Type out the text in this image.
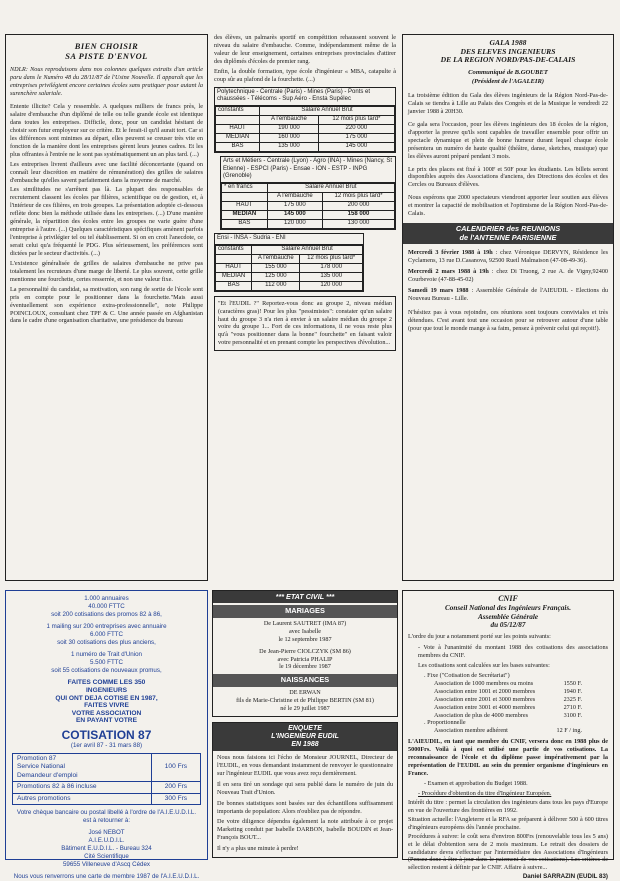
BIEN CHOISIR
SA PISTE D'ENVOL

NDLR: Nous reproduisons dans nos colonnes quelques extraits d'un article paru dans le Numéro 48 du 28/11/87 de l'Usine Nouvelle. Il apparaît que les entreprises privilégient encore certaines écoles sans pratiquer pour autant la surenchère salariale.

Entente illicite? Cela y ressemble. A quelques milliers de francs près, le salaire d'embauche d'un diplômé de telle ou telle grande école est identique dans toutes les entreprises. Difficile, donc, pour un candidat hésitant de choisir son futur employeur sur ce critère. Et le ferait-il qu'il aurait tort. Car si les différences sont minimes au départ, elles peuvent se creuser très vite en fonction de la manière dont les entreprises gèrent leurs jeunes cadres. Et les plus offrantes à l'entrée ne le sont pas systématiquement un an plus tard. (...)

Les entreprises livrent d'ailleurs avec une facilité déconcertante (quand on connaît leur discrétion en matière de rémunération) des grilles de salaires d'embauche qu'elles savent parfaitement dans la moyenne de marché.

Les similitudes ne s'arrêtent pas là. La plupart des responsables de recrutement classent les écoles par filières, scientifique ou de gestion, et, à l'intérieur de ces filières, en trois groupes. La présentation adoptée ci-dessous reflète donc bien la méthode utilisée dans les entreprises. (...) D'une manière générale, la répartition des écoles entre les groupes ne varie guère d'une entreprise à l'autre. (...) Quelques caractéristiques spécifiques amènent parfois l'entreprise à privilégier tel ou tel établissement. Si on en croit l'anecdote, ce serait celui qu'a fréquenté le PDG. Plus sérieusement, les préférences sont dictées par le secteur d'activités. (...)

L'existence généralisée de grilles de salaires d'embauche ne prive pas totalement les recruteurs d'une marge de liberté. Le plus souvent, cette grille mentionne une fourchette, certes resserrée, et non une valeur fixe.

La personnalité du candidat, sa motivation, son rang de sortie de l'école sont pris en compte pour le positionner dans la fourchette."Mais aussi éventuellement son expérience extra-professionnelle", note Philippe POINCLOUX, consultant chez TPF & C. Une année passée en Afghanistan dans le cadre d'une organisation charitative, une présidence du bureau

des élèves, un palmarès sportif en compétition rehaussent souvent le niveau du salaire d'embauche. Comme, indépendamment même de la valeur de leur enseignement, certaines entreprises provinciales d'attirer des diplômés d'écoles de premier rang.

Enfin, la double formation, type école d'ingénieur « MBA, catapulte à coup sûr au plafond de la fourchette. (...)

Polytechnique - Centrale (Paris) - Mines (Paris) - Ponts et chaussées - Télécoms - Sup Aéro - Ensta Supélec
constants	Salaire Annuel Brut	
	A l'embauche	12 mois plus tard*
HAUT	190 000	220 000
MEDIAN	160 000	175 000
BAS	135 000	145 000
Arts et Métiers - Centrale (Lyon) - Agro (INA) - Mines (Nancy, St Etienne) - ESPCI (Paris) - Ensae - ION - ESTP - INPG (Grenoble)
* en francs	Salaire Annuel Brut	
	A l'embauche	12 mois plus tard*
HAUT	175 000	200 000
MEDIAN	145 000	158 000
BAS	120 000	130 000
Ensi - INSA - Sudria - ENI
constants	Salaire Annuel Brut	
	A l'embauche	12 mois plus tard*
HAUT	155 000	178 000
MEDIAN	125 000	135 000
BAS	112 000	120 000

"Et l'EUDIL ?" Reportez-vous donc au groupe 2, niveau médian (caractères gras)! Pour les plus "pessimistes": constater qu'un salaire haut du groupe 3 n'a rien à envier à un salaire médian du groupe 2 voire du groupe 1... Fort de ces informations, il ne vous reste plus qu'à "vous positionner dans la bonne" fourchette" en faisant valoir votre personnalité et en prenant compte les perspectives d'évolution...

GALA 1988
DES ELEVES INGENIEURS
DE LA REGION NORD/PAS-DE-CALAIS
Communiqué de B.GOUBET
(Président de l'AGALEIR)

La troisième édition du Gala des élèves ingénieurs de la Région Nord-Pas-de-Calais se tiendra à Lille au Palais des Congrès et de la Musique le vendredi 22 janvier 1988 à 20H30.

Ce gala sera l'occasion, pour les élèves ingénieurs des 18 écoles de la région, d'apporter la preuve qu'ils sont capables de travailler ensemble pour offrir un spectacle dynamique et plein de bonne humeur durant lequel chaque école présentera un numéro de haute qualité (théâtre, danse, sketches, musique) que les élèves auront préparé pendant 3 mois.

Le prix des places est fixé à 100F et 50F pour les étudiants. Les billets seront disponibles auprès des Associations d'anciens, des Directions des écoles et des Cercles ou Bureaux d'élèves.

Nous espérons que 2000 spectateurs viendront apporter leur soutien aux élèves et montrer la capacité de mobilisation et l'optimisme de la Région Nord-Pas-de-Calais.

CALENDRIER des REUNIONS
de l'ANTENNE PARISIENNE

Mercredi 3 février 1988 à 19h : chez Véronique DERVYN, Résidence les Cyclamens, 13 rue D.Casanova, 92500 Rueil Malmaison (47-08-49-36).

Mercredi 2 mars 1988 à 19h : chez Di Truong, 2 rue A. de Vigny,92400 Courbevoie (47-88-45-02)

Samedi 19 mars 1988 : Assemblée Générale de l'AIEUDIL - Elections du Nouveau Bureau - Lille.

N'hésitez pas à vous rejoindre, ces réunions sont toujours conviviales et très détendues. C'est avant tout une occasion pour se retrouver autour d'une table (pour que tout le monde mange à sa faim, pensez à prévenir celui qui reçoit!).

1.000 annuaires
40.000 FTTC
soit 200 cotisations des promos 82 à 86,
1 mailing sur 200 entreprises avec annuaire
6.000 FTTC
soit 30 cotisations des plus anciens,
1 numéro de Trait d'Union
5.500 FTTC
soit 55 cotisations de nouveaux promus,
FAITES COMME LES 350
INGENIEURS
QUI ONT DEJA COTISE EN 1987,
FAITES VIVRE
VOTRE ASSOCIATION
EN PAYANT VOTRE
COTISATION 87
(1er avril 87 - 31 mars 88)
Promotion 87
Service National
Demandeur d'emploi	100 Frs
Promotions 82 à 86 incluse	200 Frs
Autres promotions	300 Frs
Votre chèque bancaire ou postal libellé à l'ordre de l'A.I.E.U.D.I.L. est à retourner à:
José NEBOT
A.I.E.U.D.I.L.
Bâtiment E.U.D.I.L. - Bureau 324
Cité Scientifique
59655 Villeneuve d'Ascq Cédex
Nous vous renverrons une carte de membre 1987 de l'A.I.E.U.D.I.L.
*** ETAT CIVIL ***
MARIAGES
De Laurent SAUTRET (IMA 87)
avec Isabelle
le 12 septembre 1987
De Jean-Pierre CIOLCZYK (SM 86)
avec Patricia PHALIP
le 19 décembre 1987
NAISSANCES
DE ERWAN
fils de Marie-Christine et de Philippe BERTIN (SM 81)
né le 29 juillet 1987
ENQUETE
L'INGENIEUR EUDIL
EN 1988

Nous nous faisions ici l'écho de Monsieur JOURNEL, Directeur de l'EUDIL, en vous demandant instamment de renvoyer le questionnaire sur l'ingénieur EUDIL que vous avez reçu dernièrement.

Il en sera tiré un sondage qui sera publié dans le numéro de juin du Nouveau Trait d'Union.

De bonnes statistiques sont basées sur des échantillons suffisamment importants de population: Alors n'oubliez pas de répondre.

De votre diligence dépendra également la note attribuée à ce projet Marketing conduit par Isabelle DARBON, Isabelle BOUDIN et Jean-François BOUT...

Il n'y a plus une minute à perdre!

CNIF
Conseil National des Ingénieurs Français.
Assemblée Générale
du 05/12/87

L'ordre du jour a notamment porté sur les points suivants:

- Vote à l'unanimité du montant 1988 des cotisations des associations membres du CNIF.

Les cotisations sont calculées sur les bases suivantes:

. Fixe ("Cotisation de Secrétariat")

Association de 1000 membres ou moins	1550 F.
Association entre 1001 et 2000 membres	1940 F.
Association entre 2001 et 3000 membres	2325 F.
Association entre 3001 et 4000 membres	2710 F.
Association de plus de 4000 membres	3100 F.

. Proportionnelle

Association membre adhérent	12 F / ing.

L'AIEUDIL, en tant que membre du CNIF, versera donc en 1988 plus de 5000Frs. Voilà à quoi est utilisé une partie de vos cotisations. La reconnaissance de l'école et du diplôme passe impérativement par la représentation de l'EUDIL au sein du premier organisme d'ingénieurs en France.

- Examen et approbation du Budget 1988.

- Procédure d'obtention du titre d'Ingénieur Européen.

Intérêt du titre : permet la circulation des ingénieurs dans tous les pays d'Europe en vue de l'ouverture des frontières en 1992.

Situation actuelle: l'Angleterre et la RFA se préparent à délivrer 500 à 600 titres d'ingénieurs européens dès l'année prochaine.

Procédures à suivre: le coût sera d'environ 800Frs (renouvelable tous les 5 ans) et le délai d'obtention sera de 2 mois maximum. Le retrait des dossiers de candidature devra s'effectuer par l'intermédiaire des Associations d'Ingénieurs (Pensez donc à être à jour dans le paiement de vos cotisations). Les critères de sélection restent à définir par le CNIF. Affaire à suivre...

Daniel SARRAZIN (EUDIL 83)
